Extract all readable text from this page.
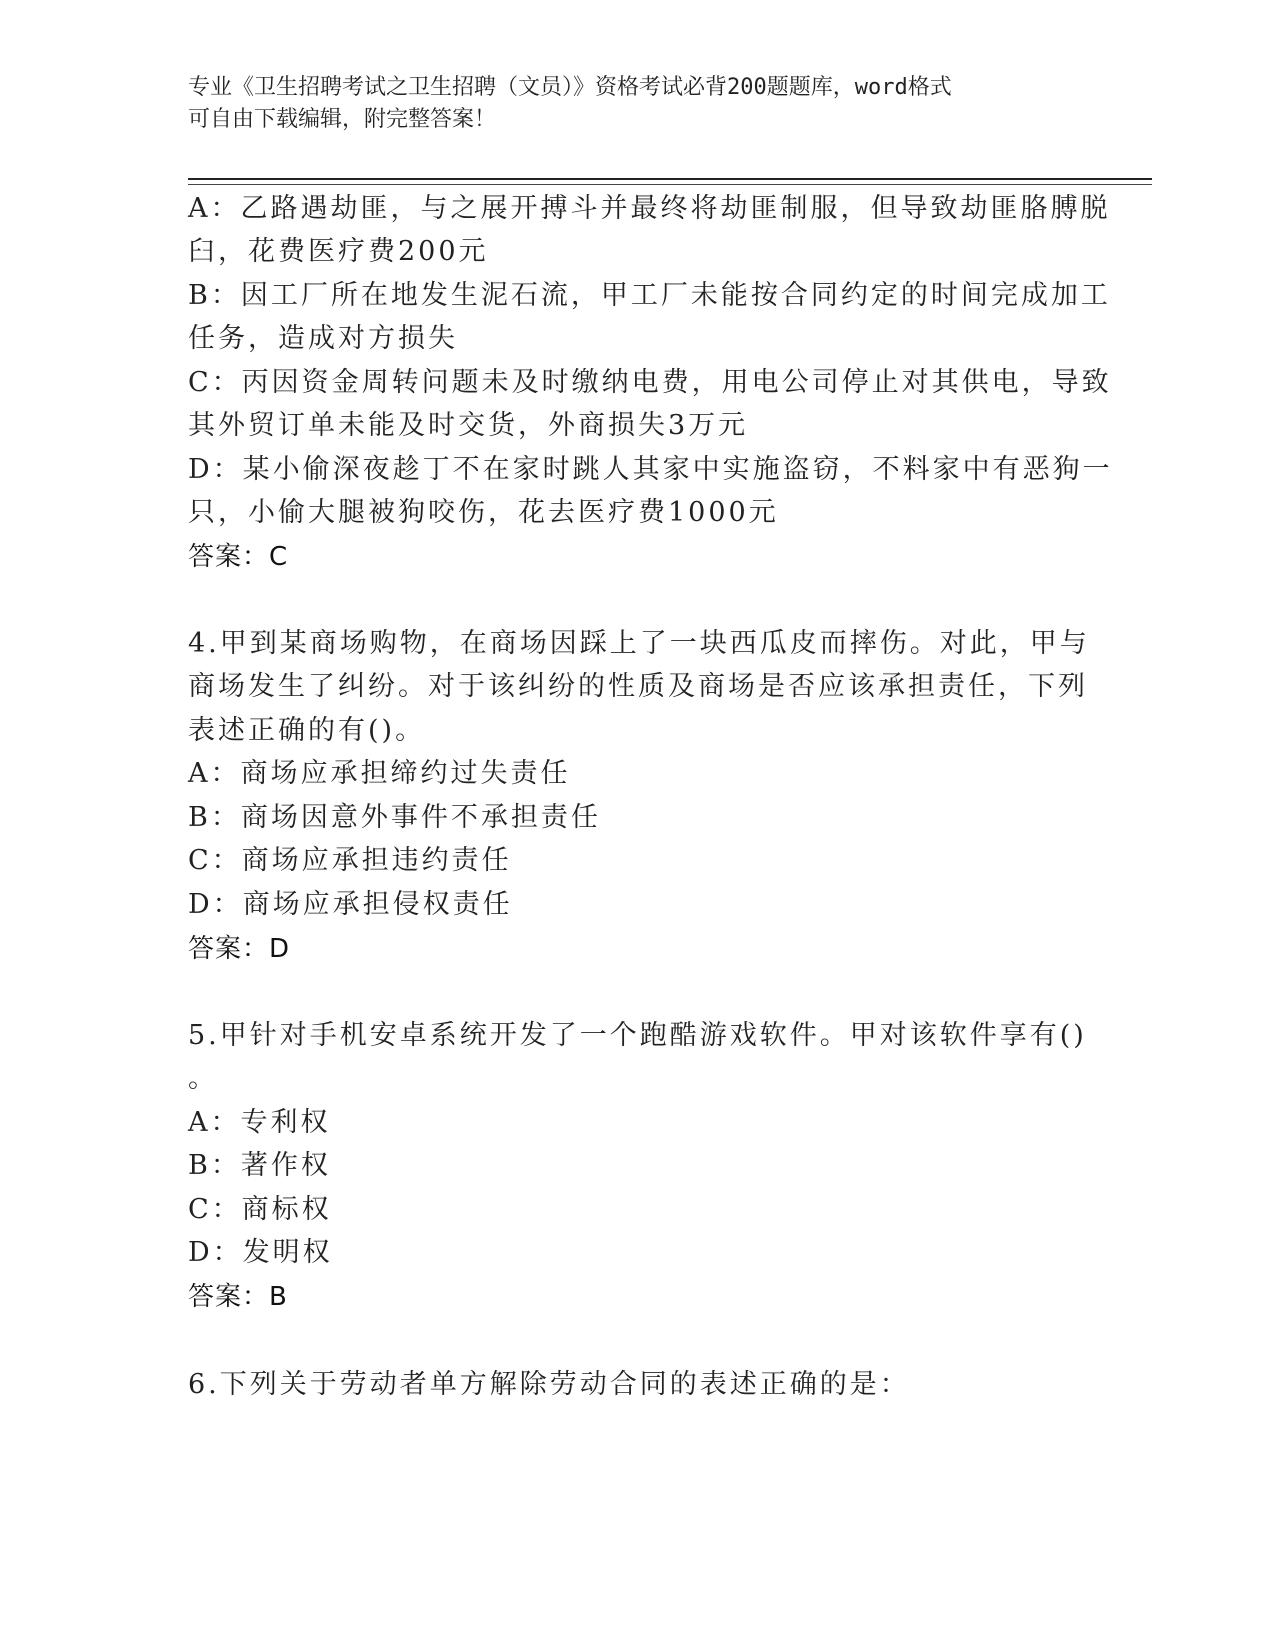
专业《卫生招聘考试之卫生招聘（文员）》资格考试必背200题题库，word格式
可自由下载编辑，附完整答案！
A：乙路遇劫匪，与之展开搏斗并最终将劫匪制服，但导致劫匪胳膊脱
臼，花费医疗费200元
B：因工厂所在地发生泥石流，甲工厂未能按合同约定的时间完成加工
任务，造成对方损失
C：丙因资金周转问题未及时缴纳电费，用电公司停止对其供电，导致
其外贸订单未能及时交货，外商损失3万元
D：某小偷深夜趁丁不在家时跳人其家中实施盗窃，不料家中有恶狗一
只，小偷大腿被狗咬伤，花去医疗费1000元
答案：C
4.甲到某商场购物，在商场因踩上了一块西瓜皮而摔伤。对此，甲与
商场发生了纠纷。对于该纠纷的性质及商场是否应该承担责任，下列
表述正确的有()。
A：商场应承担缔约过失责任
B：商场因意外事件不承担责任
C：商场应承担违约责任
D：商场应承担侵权责任
答案：D
5.甲针对手机安卓系统开发了一个跑酷游戏软件。甲对该软件享有()
。
A：专利权
B：著作权
C：商标权
D：发明权
答案：B
6.下列关于劳动者单方解除劳动合同的表述正确的是：
